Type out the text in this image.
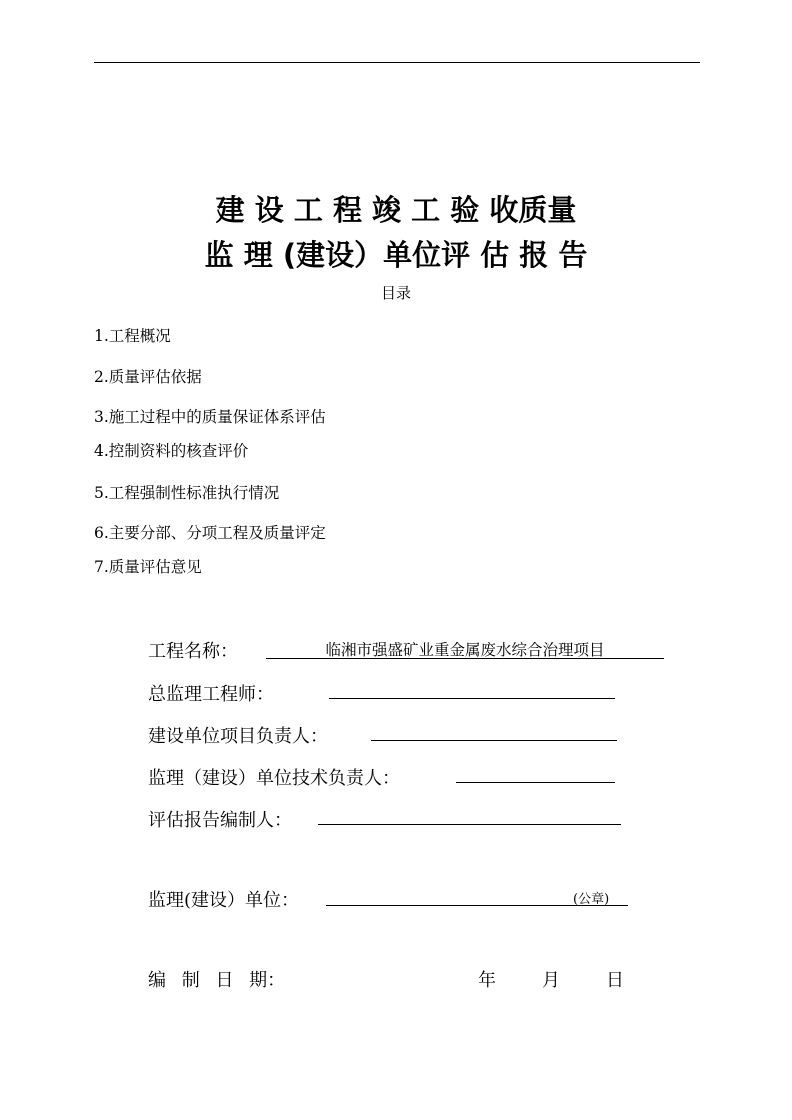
建 设 工 程 竣 工 验 收质量
监 理 (建设）单位评 估 报 告
目录
1.工程概况
2.质量评估依据
3.施工过程中的质量保证体系评估
4.控制资料的核查评价
5.工程强制性标准执行情况
6.主要分部、分项工程及质量评定
7.质量评估意见
工程名称：	临湘市强盛矿业重金属废水综合治理项目
总监理工程师：
建设单位项目负责人：
监理（建设）单位技术负责人：
评估报告编制人：
监理(建设）单位：	(公章)
编 制 日 期：	年	月	日
